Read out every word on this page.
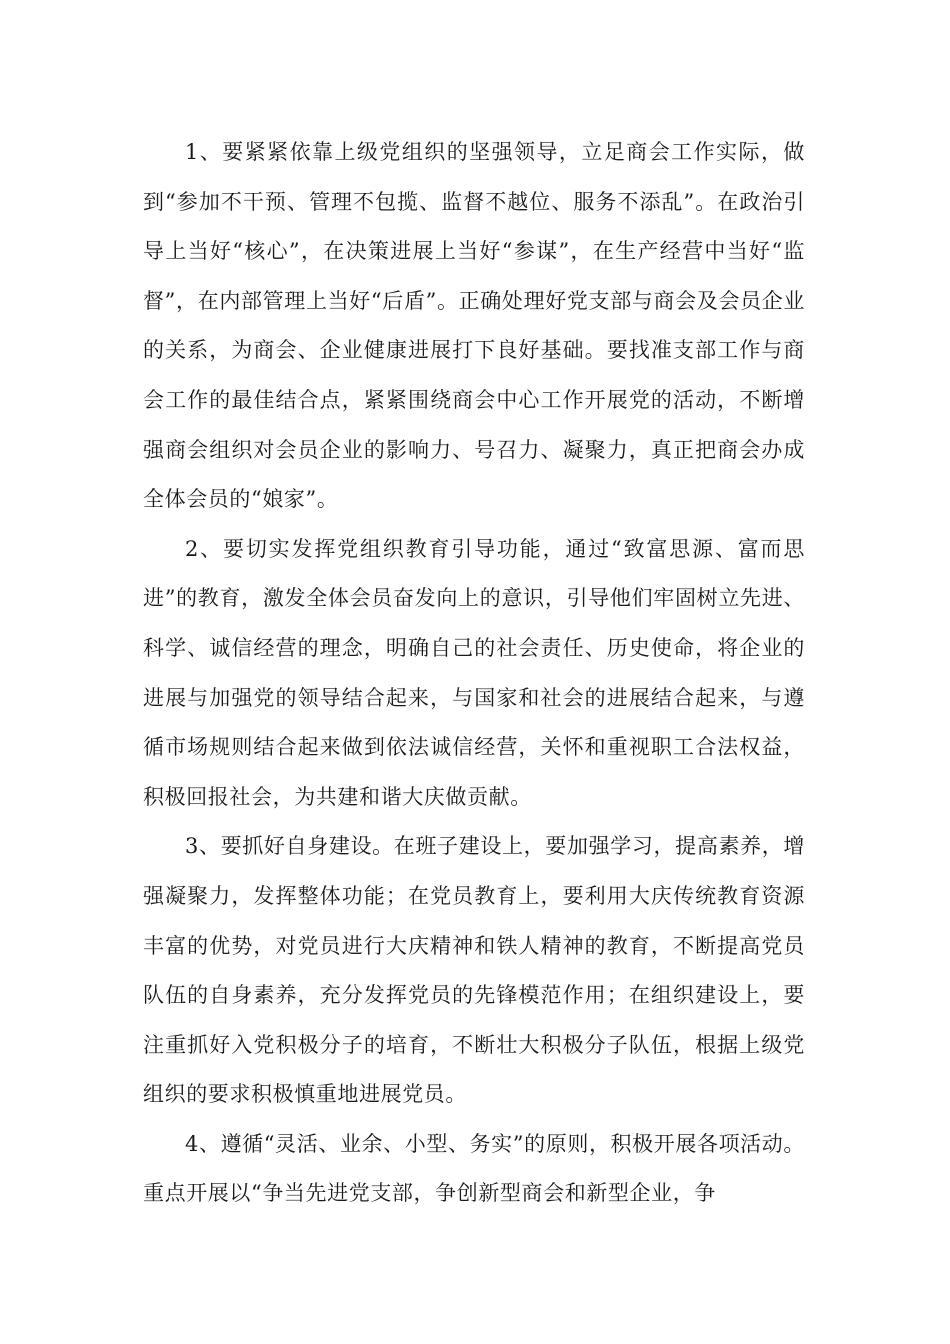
1、要紧紧依靠上级党组织的坚强领导，立足商会工作实际，做到“参加不干预、管理不包揽、监督不越位、服务不添乱”。在政治引导上当好“核心”，在决策进展上当好“参谋”，在生产经营中当好“监督”，在内部管理上当好“后盾”。正确处理好党支部与商会及会员企业的关系，为商会、企业健康进展打下良好基础。要找准支部工作与商会工作的最佳结合点，紧紧围绕商会中心工作开展党的活动，不断增强商会组织对会员企业的影响力、号召力、凝聚力，真正把商会办成全体会员的“娘家”。

2、要切实发挥党组织教育引导功能，通过“致富思源、富而思进”的教育，激发全体会员奋发向上的意识，引导他们牢固树立先进、科学、诚信经营的理念，明确自己的社会责任、历史使命，将企业的进展与加强党的领导结合起来，与国家和社会的进展结合起来，与遵循市场规则结合起来做到依法诚信经营，关怀和重视职工合法权益，积极回报社会，为共建和谐大庆做贡献。

3、要抓好自身建设。在班子建设上，要加强学习，提高素养，增强凝聚力，发挥整体功能；在党员教育上，要利用大庆传统教育资源丰富的优势，对党员进行大庆精神和铁人精神的教育，不断提高党员队伍的自身素养，充分发挥党员的先锋模范作用；在组织建设上，要注重抓好入党积极分子的培育，不断壮大积极分子队伍，根据上级党组织的要求积极慎重地进展党员。

4、遵循“灵活、业余、小型、务实”的原则，积极开展各项活动。重点开展以“争当先进党支部，争创新型商会和新型企业，争
